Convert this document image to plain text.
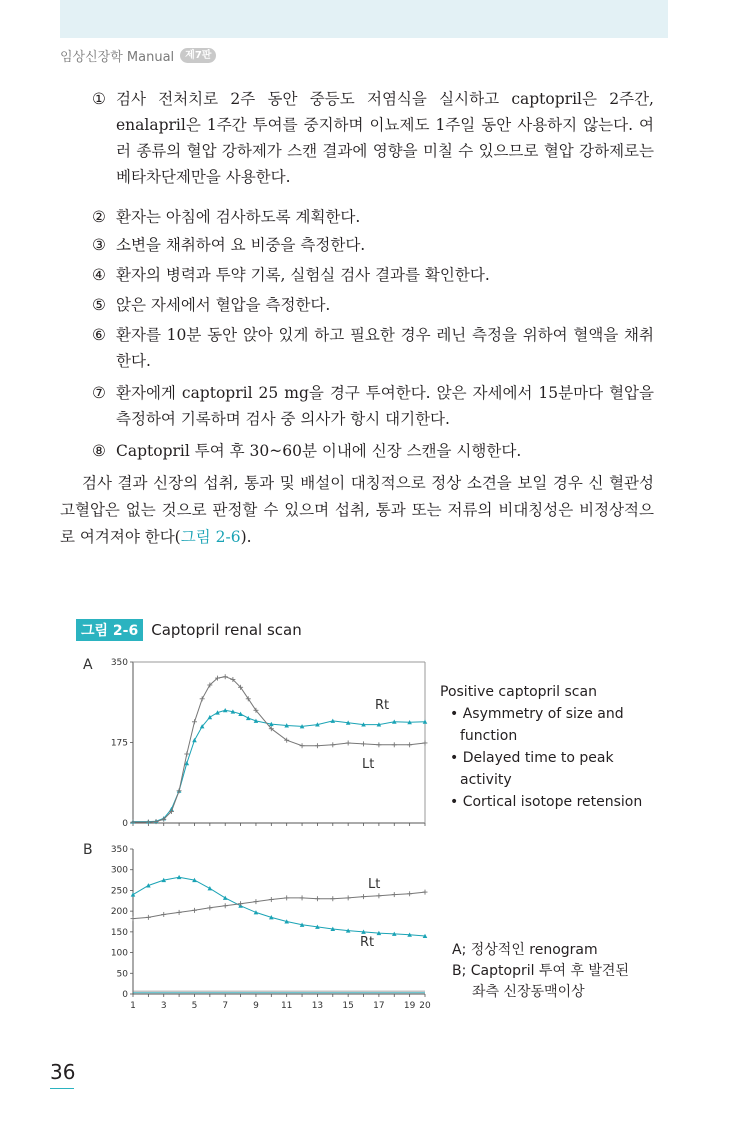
임상신장학 Manual	제7판
① 검사 전처치로 2주 동안 중등도 저염식을 실시하고 captopril은 2주간, enalapril은 1주간 투여를 중지하며 이뇨제도 1주일 동안 사용하지 않는다. 여러 종류의 혈압 강하제가 스캔 결과에 영향을 미칠 수 있으므로 혈압 강하제로는 베타차단제만을 사용한다.
② 환자는 아침에 검사하도록 계획한다.
③ 소변을 채취하여 요 비중을 측정한다.
④ 환자의 병력과 투약 기록, 실험실 검사 결과를 확인한다.
⑤ 앉은 자세에서 혈압을 측정한다.
⑥ 환자를 10분 동안 앉아 있게 하고 필요한 경우 레닌 측정을 위하여 혈액을 채취한다.
⑦ 환자에게 captopril 25 mg을 경구 투여한다. 앉은 자세에서 15분마다 혈압을 측정하여 기록하며 검사 중 의사가 항시 대기한다.
⑧ Captopril 투여 후 30~60분 이내에 신장 스캔을 시행한다.
검사 결과 신장의 섭취, 통과 및 배설이 대칭적으로 정상 소견을 보일 경우 신 혈관성 고혈압은 없는 것으로 판정할 수 있으며 섭취, 통과 또는 저류의 비대칭성은 비정상적으로 여겨져야 한다(그림 2-6).
그림 2-6 Captopril renal scan
A
B
350
175
0
Rt
Lt
350
300
250
200
150
100
50
0
1	3	5	7	9 11 13 15 17 19 20
Lt
Rt
Positive captopril scan
• Asymmetry of size and
function
• Delayed time to peak
activity
• Cortical isotope retension
A; 정상적인 renogram
B; Captopril 투여 후 발견된
좌측 신장동맥이상
36
